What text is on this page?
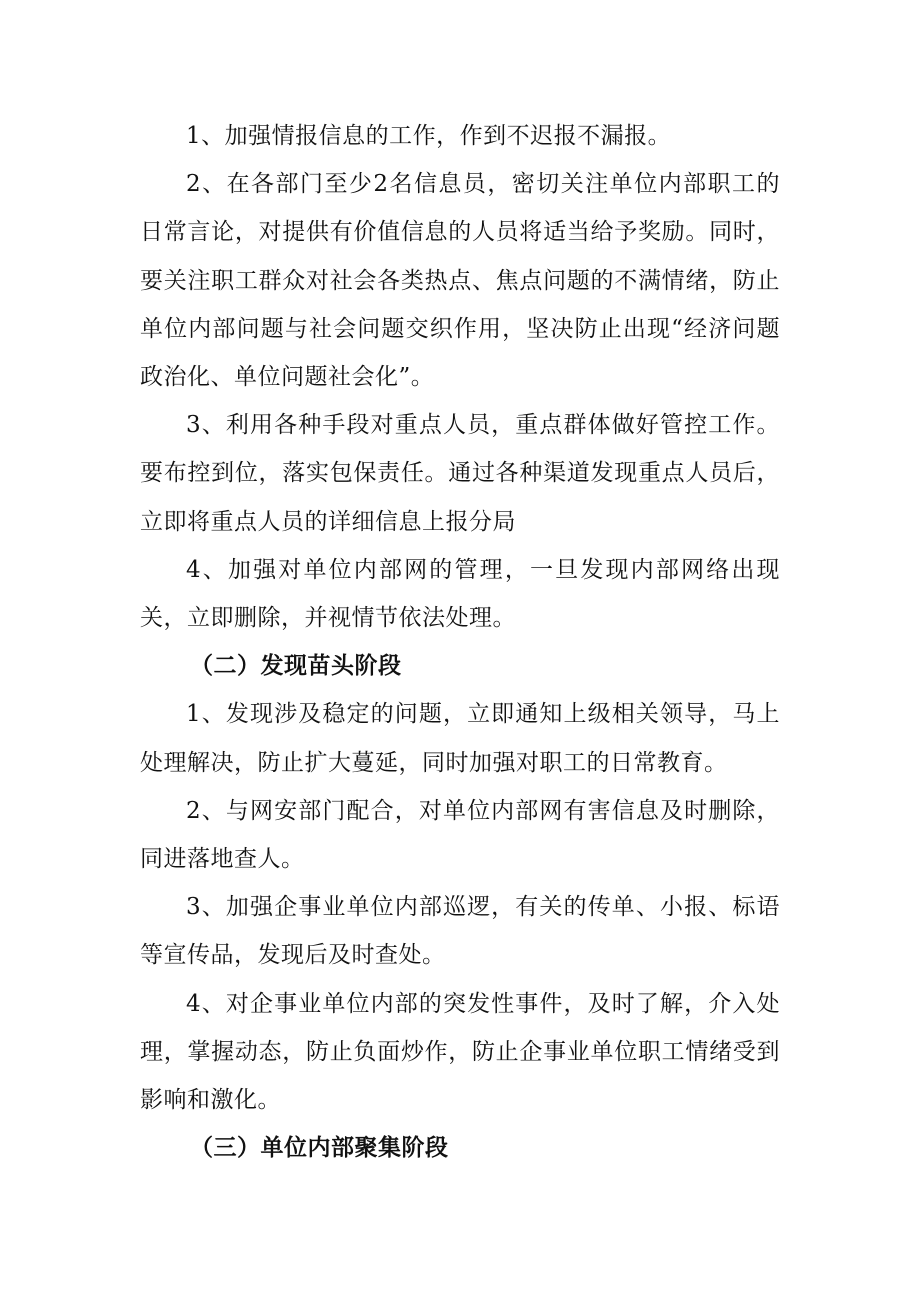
1、加强情报信息的工作，作到不迟报不漏报。

2、在各部门至少2名信息员，密切关注单位内部职工的日常言论，对提供有价值信息的人员将适当给予奖励。同时，要关注职工群众对社会各类热点、焦点问题的不满情绪，防止单位内部问题与社会问题交织作用，坚决防止出现“经济问题政治化、单位问题社会化”。

3、利用各种手段对重点人员，重点群体做好管控工作。要布控到位，落实包保责任。通过各种渠道发现重点人员后，立即将重点人员的详细信息上报分局

4、加强对单位内部网的管理，一旦发现内部网络出现关，立即删除，并视情节依法处理。

（二）发现苗头阶段

1、发现涉及稳定的问题，立即通知上级相关领导，马上处理解决，防止扩大蔓延，同时加强对职工的日常教育。

2、与网安部门配合，对单位内部网有害信息及时删除，同进落地查人。

3、加强企事业单位内部巡逻，有关的传单、小报、标语等宣传品，发现后及时查处。

4、对企事业单位内部的突发性事件，及时了解，介入处理，掌握动态，防止负面炒作，防止企事业单位职工情绪受到影响和激化。

（三）单位内部聚集阶段
